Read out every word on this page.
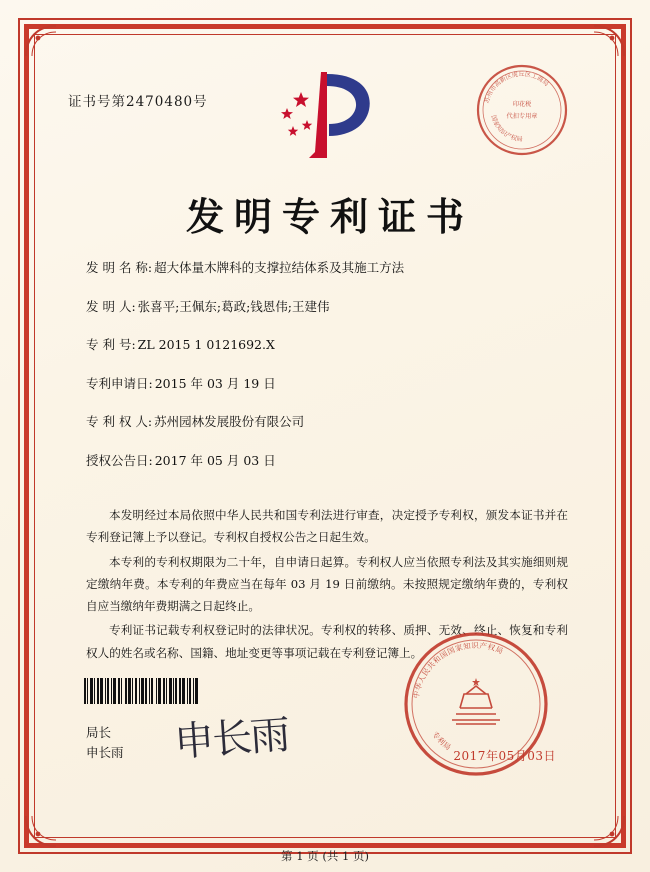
证书号第2470480号
发明专利证书
发 明 名 称: 超大体量木牌科的支撑拉结体系及其施工方法
发 明 人: 张喜平;王佩东;葛政;钱恩伟;王建伟
专 利 号: ZL 2015 1 0121692.X
专利申请日: 2015 年 03 月 19 日
专 利 权 人: 苏州园林发展股份有限公司
授权公告日: 2017 年 05 月 03 日

本发明经过本局依照中华人民共和国专利法进行审查，决定授予专利权，颁发本证书并在专利登记簿上予以登记。专利权自授权公告之日起生效。

本专利的专利权期限为二十年，自申请日起算。专利权人应当依照专利法及其实施细则规定缴纳年费。本专利的年费应当在每年 03 月 19 日前缴纳。未按照规定缴纳年费的，专利权自应当缴纳年费期满之日起终止。

专利证书记载专利权登记时的法律状况。专利权的转移、质押、无效、终止、恢复和专利权人的姓名或名称、国籍、地址变更等事项记载在专利登记簿上。

局长
申长雨 申长雨
苏州市高新区虎丘区工商局
国家知识产权局
印花税
代扣专用章
中华人民共和国国家知识产权局
专利局
2017年05月03日
第 1 页 (共 1 页)
